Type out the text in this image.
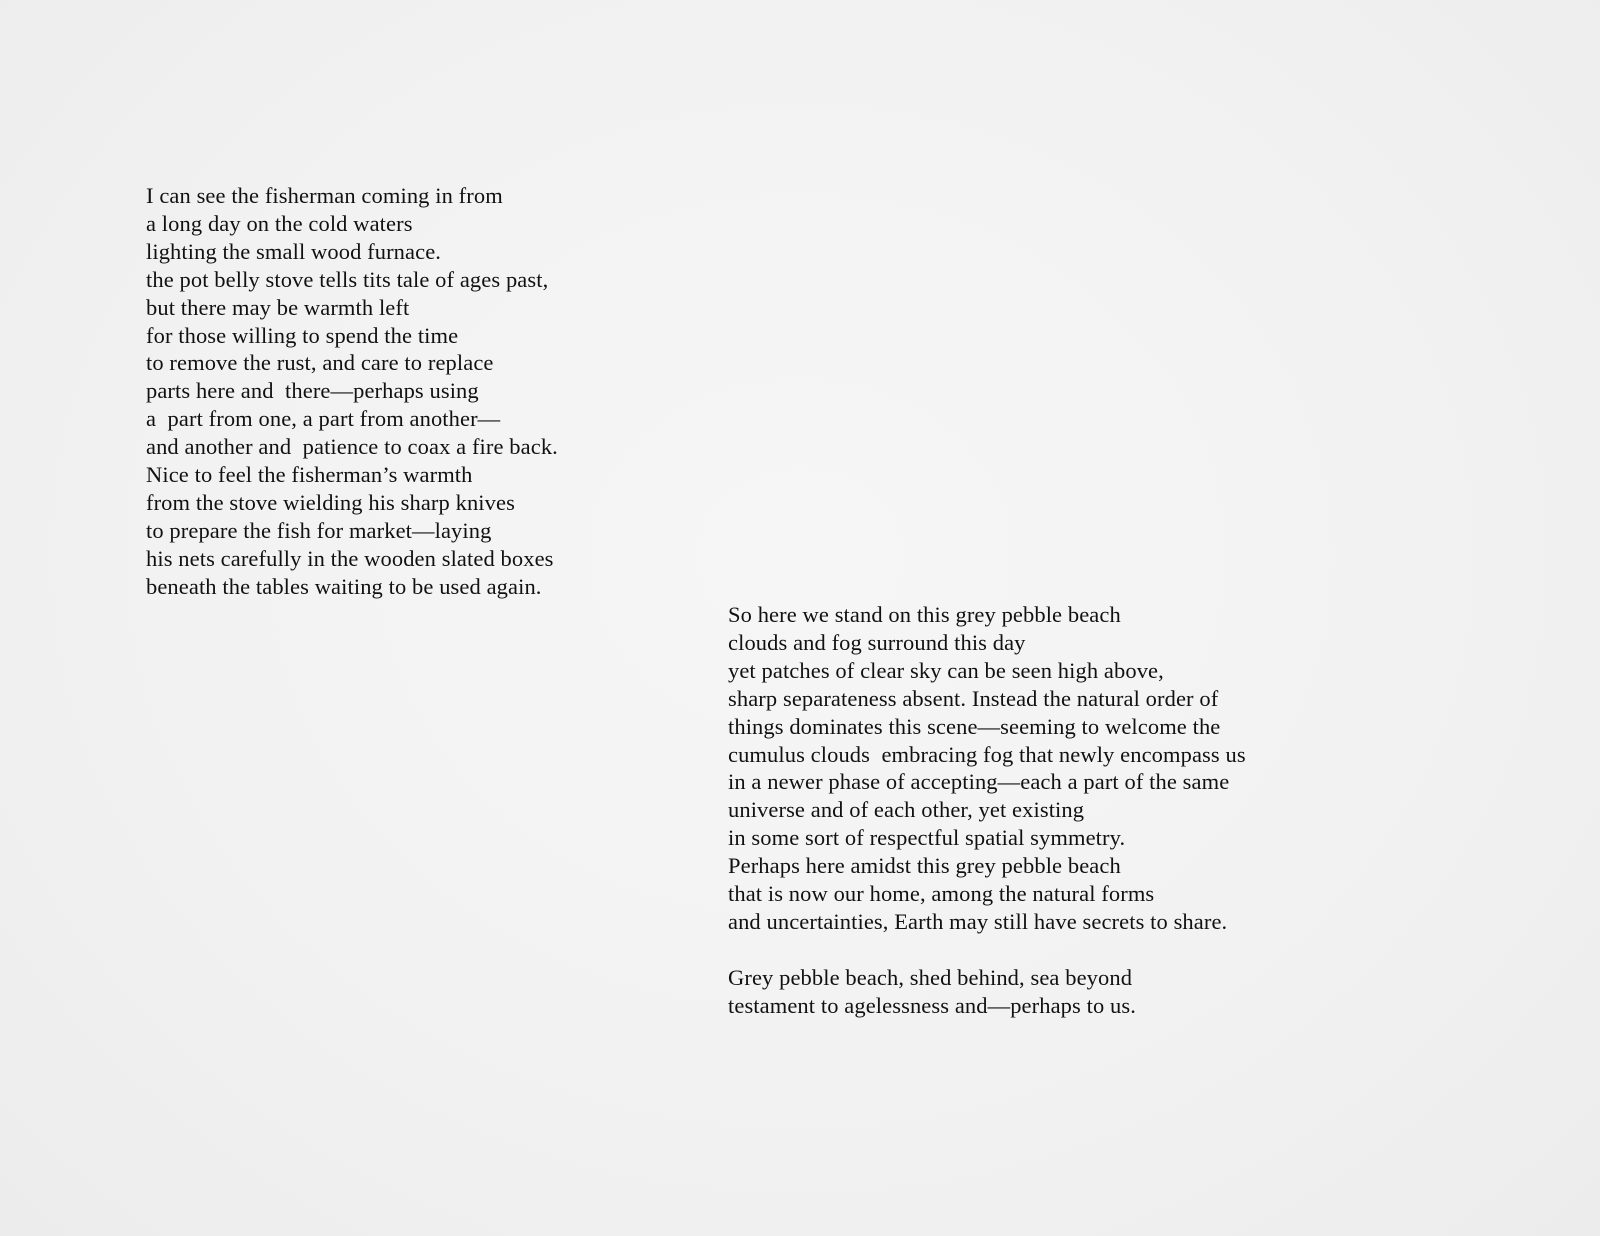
I can see the fisherman coming in from
a long day on the cold waters
lighting the small wood furnace.
the pot belly stove tells tits tale of ages past,
but there may be warmth left
for those willing to spend the time
to remove the rust, and care to replace
parts here and  there—perhaps using
a  part from one, a part from another—
and another and  patience to coax a fire back.
Nice to feel the fisherman’s warmth
from the stove wielding his sharp knives
to prepare the fish for market—laying
his nets carefully in the wooden slated boxes
beneath the tables waiting to be used again.
So here we stand on this grey pebble beach
clouds and fog surround this day
yet patches of clear sky can be seen high above,
sharp separateness absent. Instead the natural order of
things dominates this scene—seeming to welcome the
cumulus clouds  embracing fog that newly encompass us
in a newer phase of accepting—each a part of the same
universe and of each other, yet existing
in some sort of respectful spatial symmetry.
Perhaps here amidst this grey pebble beach
that is now our home, among the natural forms
and uncertainties, Earth may still have secrets to share.
Grey pebble beach, shed behind, sea beyond
testament to agelessness and—perhaps to us.
